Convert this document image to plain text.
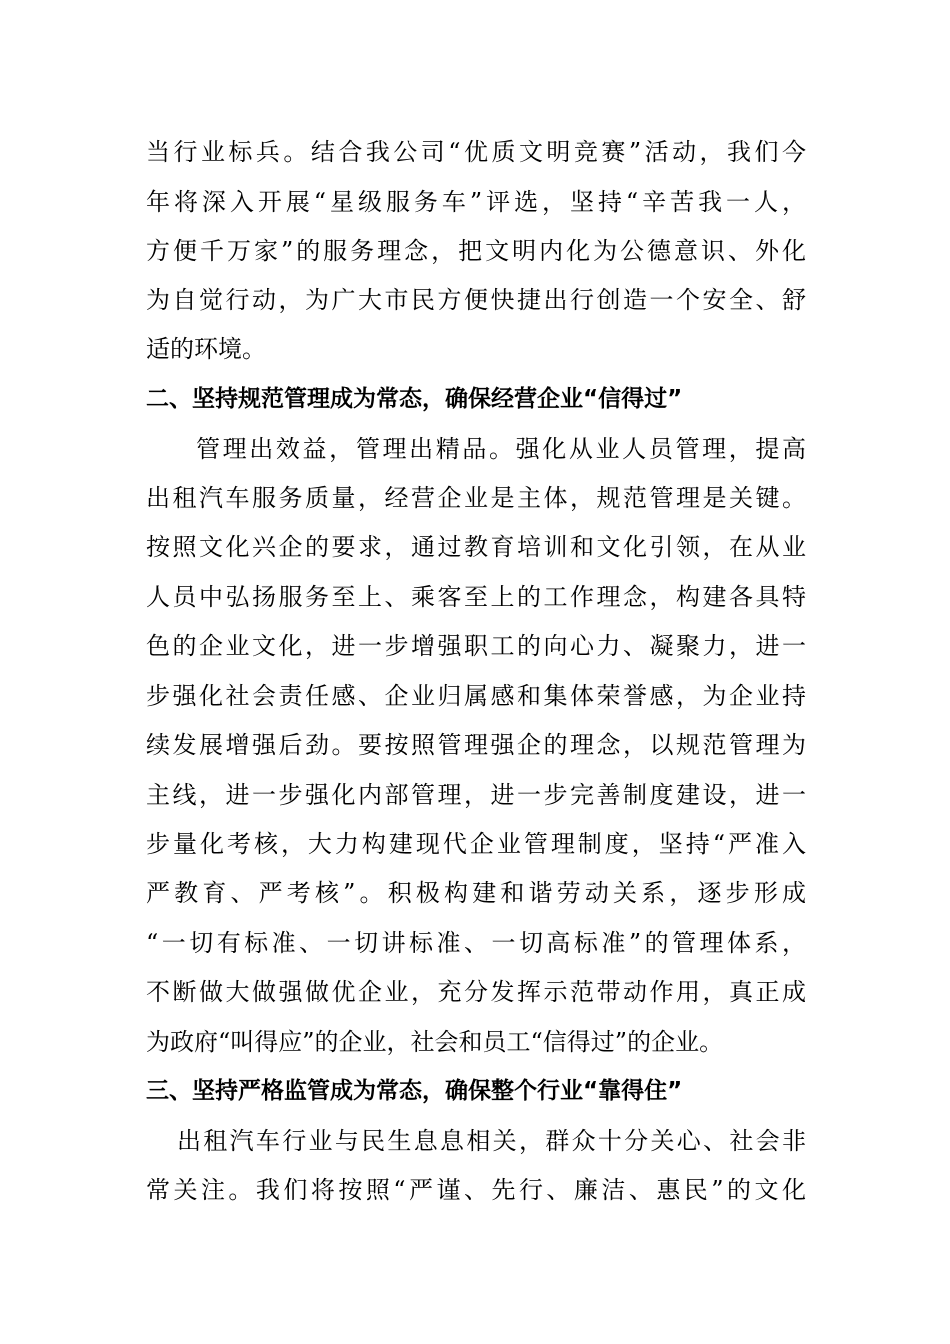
当行业标兵。结合我公司“优质文明竞赛”活动，我们今
年将深入开展“星级服务车”评选，坚持“辛苦我一人，
方便千万家”的服务理念，把文明内化为公德意识、外化
为自觉行动，为广大市民方便快捷出行创造一个安全、舒
适的环境。
二、坚持规范管理成为常态，确保经营企业“信得过”
管理出效益，管理出精品。强化从业人员管理，提高
出租汽车服务质量，经营企业是主体，规范管理是关键。
按照文化兴企的要求，通过教育培训和文化引领，在从业
人员中弘扬服务至上、乘客至上的工作理念，构建各具特
色的企业文化，进一步增强职工的向心力、凝聚力，进一
步强化社会责任感、企业归属感和集体荣誉感，为企业持
续发展增强后劲。要按照管理强企的理念，以规范管理为
主线，进一步强化内部管理，进一步完善制度建设，进一
步量化考核，大力构建现代企业管理制度，坚持“严准入
严教育、严考核”。积极构建和谐劳动关系，逐步形成
“一切有标准、一切讲标准、一切高标准”的管理体系，
不断做大做强做优企业，充分发挥示范带动作用，真正成
为政府“叫得应”的企业，社会和员工“信得过”的企业。
三、坚持严格监管成为常态，确保整个行业“靠得住”
出租汽车行业与民生息息相关，群众十分关心、社会非
常关注。我们将按照“严谨、先行、廉洁、惠民”的文化
